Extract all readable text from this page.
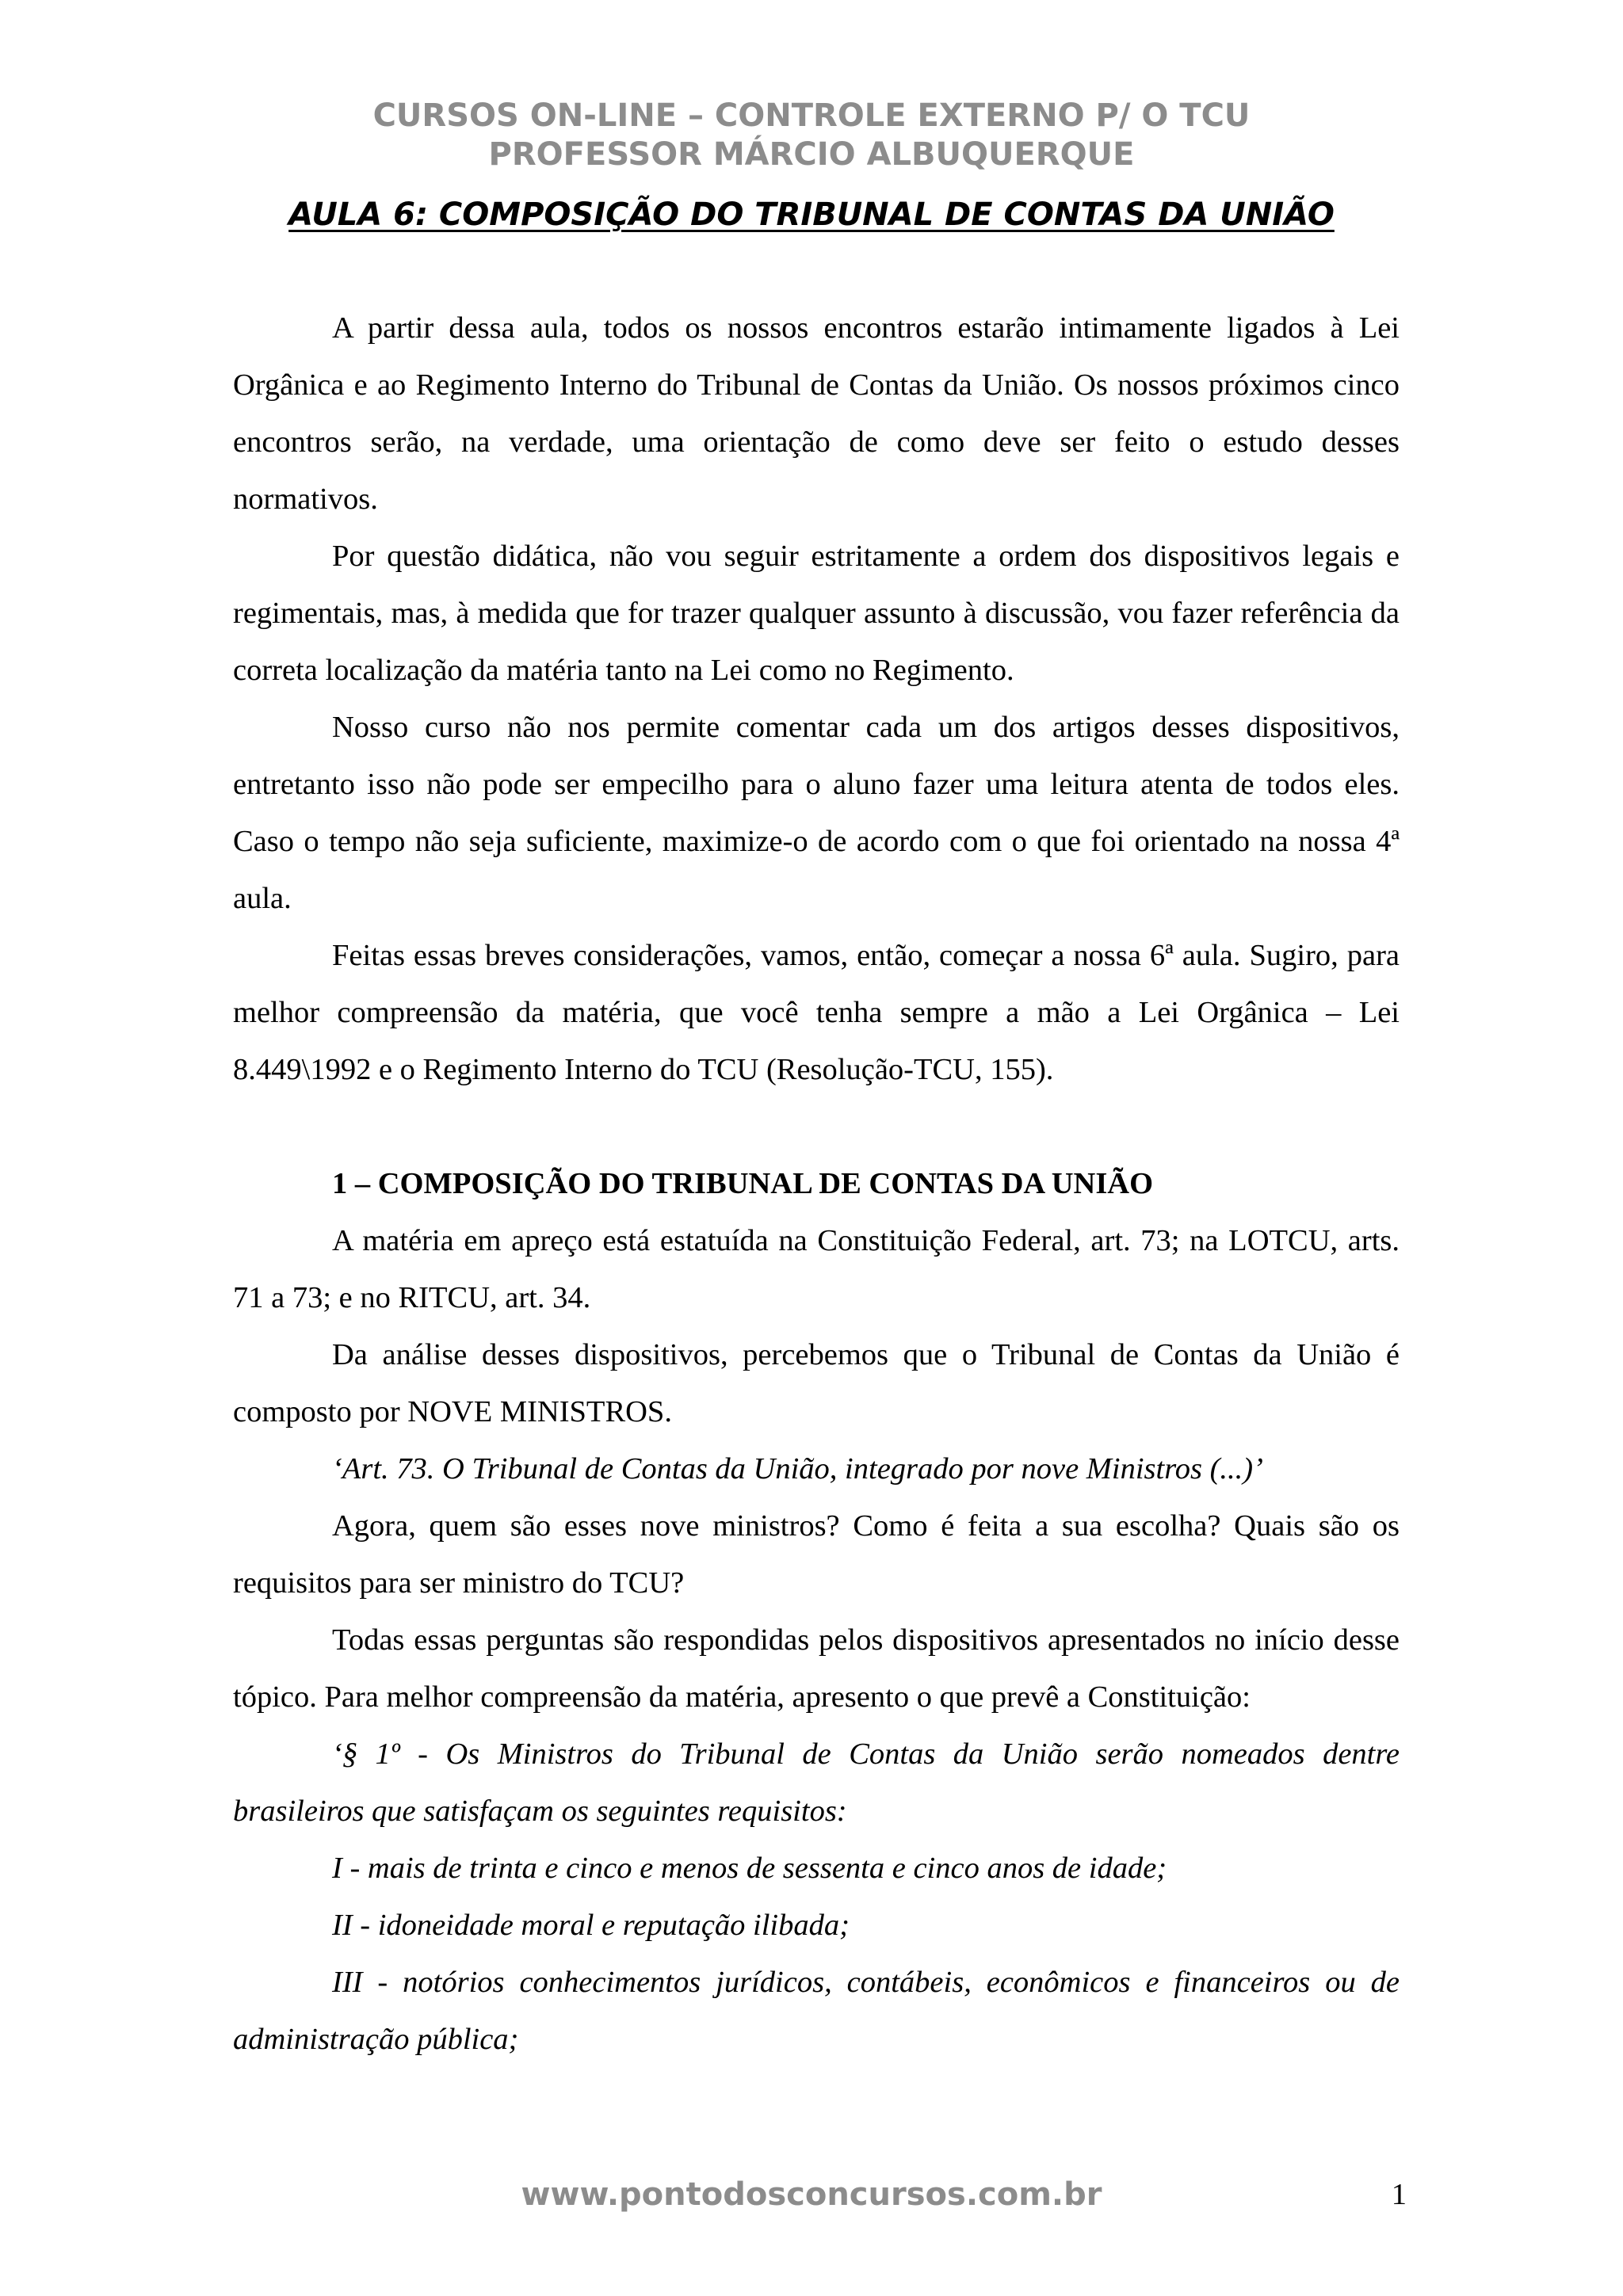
CURSOS ON-LINE – CONTROLE EXTERNO P/ O TCU
PROFESSOR MÁRCIO ALBUQUERQUE
AULA 6: COMPOSIÇÃO DO TRIBUNAL DE CONTAS DA UNIÃO

A partir dessa aula, todos os nossos encontros estarão intimamente ligados à Lei Orgânica e ao Regimento Interno do Tribunal de Contas da União. Os nossos próximos cinco encontros serão, na verdade, uma orientação de como deve ser feito o estudo desses normativos.

Por questão didática, não vou seguir estritamente a ordem dos dispositivos legais e regimentais, mas, à medida que for trazer qualquer assunto à discussão, vou fazer referência da correta localização da matéria tanto na Lei como no Regimento.

Nosso curso não nos permite comentar cada um dos artigos desses dispositivos, entretanto isso não pode ser empecilho para o aluno fazer uma leitura atenta de todos eles. Caso o tempo não seja suficiente, maximize-o de acordo com o que foi orientado na nossa 4ª aula.

Feitas essas breves considerações, vamos, então, começar a nossa 6ª aula. Sugiro, para melhor compreensão da matéria, que você tenha sempre a mão a Lei Orgânica – Lei 8.449\1992 e o Regimento Interno do TCU (Resolução-TCU, 155).

1 – COMPOSIÇÃO DO TRIBUNAL DE CONTAS DA UNIÃO

A matéria em apreço está estatuída na Constituição Federal, art. 73; na LOTCU, arts. 71 a 73; e no RITCU, art. 34.

Da análise desses dispositivos, percebemos que o Tribunal de Contas da União é composto por NOVE MINISTROS.

‘Art. 73. O Tribunal de Contas da União, integrado por nove Ministros (...)’

Agora, quem são esses nove ministros? Como é feita a sua escolha? Quais são os requisitos para ser ministro do TCU?

Todas essas perguntas são respondidas pelos dispositivos apresentados no início desse tópico. Para melhor compreensão da matéria, apresento o que prevê a Constituição:

‘§ 1º - Os Ministros do Tribunal de Contas da União serão nomeados dentre brasileiros que satisfaçam os seguintes requisitos:

I - mais de trinta e cinco e menos de sessenta e cinco anos de idade;

II - idoneidade moral e reputação ilibada;

III - notórios conhecimentos jurídicos, contábeis, econômicos e financeiros ou de administração pública;

www.pontodosconcursos.com.br	1
